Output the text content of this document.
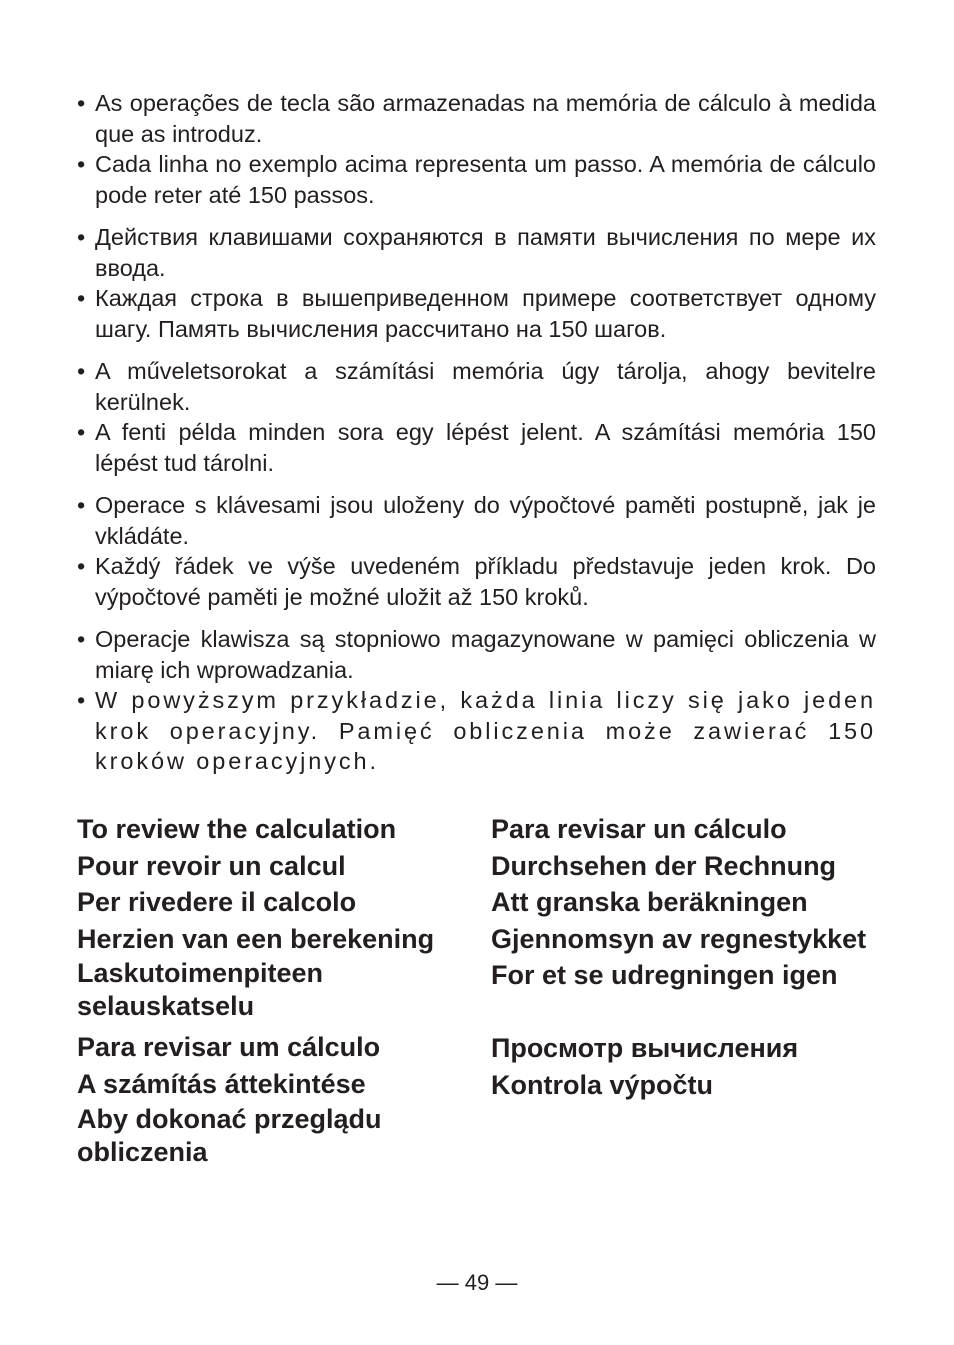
• As operações de tecla são armazenadas na memória de cálculo à medida que as introduz.
• Cada linha no exemplo acima representa um passo. A memória de cálculo pode reter até 150 passos.
• Действия клавишами сохраняются в памяти вычисления по мере их ввода.
• Каждая строка в вышеприведенном примере соответствует одному шагу. Память вычисления рассчитано на 150 шагов.
• A műveletsorokat a számítási memória úgy tárolja, ahogy bevitelre kerülnek.
• A fenti példa minden sora egy lépést jelent. A számítási memória 150 lépést tud tárolni.
• Operace s klávesami jsou uloženy do výpočtové paměti postupně, jak je vkládáte.
• Každý řádek ve výše uvedeném příkladu představuje jeden krok. Do výpočtové paměti je možné uložit až 150 kroků.
• Operacje klawisza są stopniowo magazynowane w pamięci obliczenia w miarę ich wprowadzania.
• W powyższym przykładzie, każda linia liczy się jako jeden krok operacyjny. Pamięć obliczenia może zawierać 150 kroków operacyjnych.
To review the calculation
Pour revoir un calcul
Per rivedere il calcolo
Herzien van een berekening
Laskutoimenpiteen selauskatselu
Para revisar um cálculo
A számítás áttekintése
Aby dokonać przeglądu obliczenia
Para revisar un cálculo
Durchsehen der Rechnung
Att granska beräkningen
Gjennomsyn av regnestykket
For et se udregningen igen
Просмотр вычисления
Kontrola výpočtu
— 49 —
